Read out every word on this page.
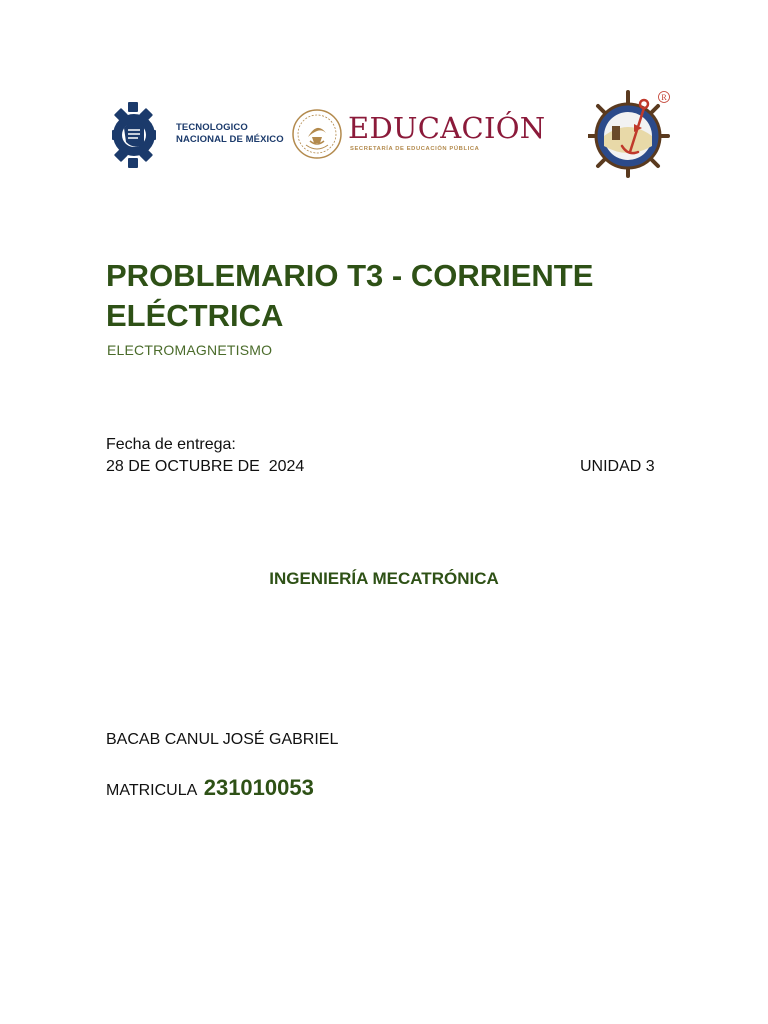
TECNOLOGICO
NACIONAL DE MÉXICO EDUCACIÓN
SECRETARÍA DE EDUCACIÓN PÚBLICA
R
PROBLEMARIO T3 - CORRIENTE ELÉCTRICA
ELECTROMAGNETISMO
Fecha de entrega:
28 DE OCTUBRE DE  2024	UNIDAD 3
INGENIERÍA MECATRÓNICA
BACAB CANUL JOSÉ GABRIEL
MATRICULA 231010053
